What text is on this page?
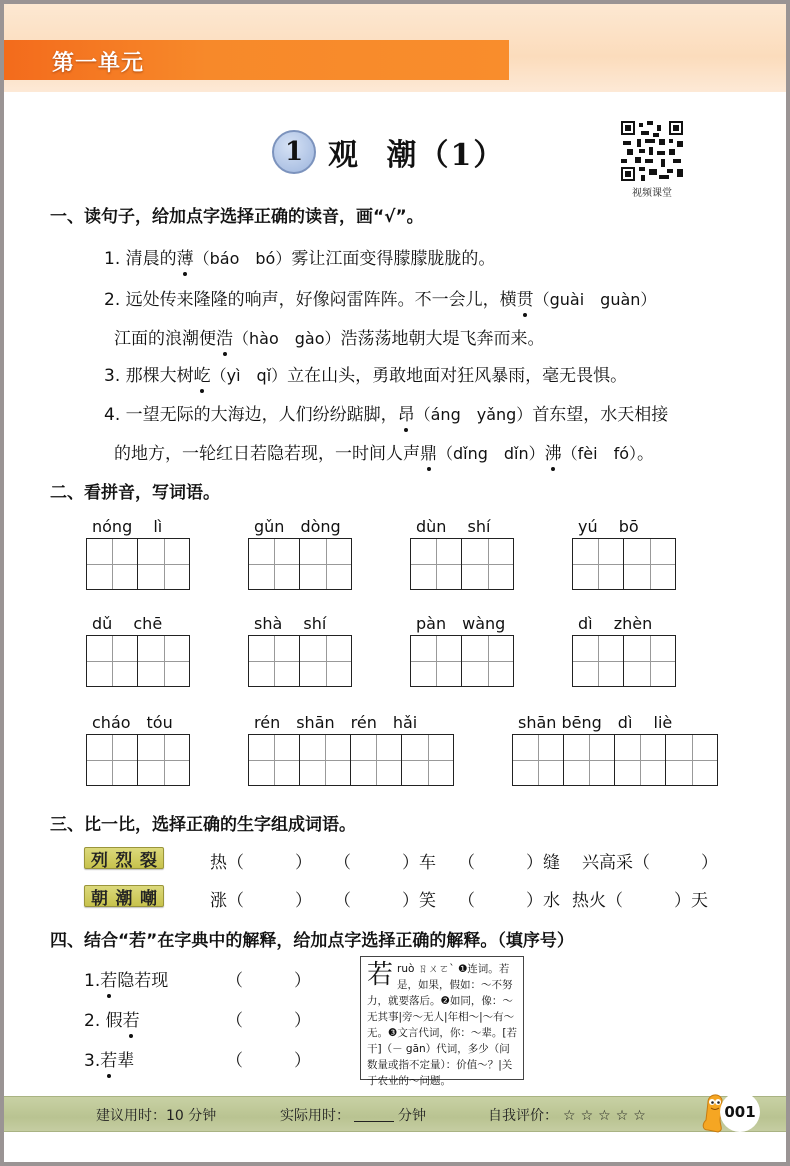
第一单元
1 观 潮（1）
视频课堂
一、读句子，给加点字选择正确的读音，画“√”。
1. 清晨的薄（báo　bó）雾让江面变得朦朦胧胧的。
2. 远处传来隆隆的响声，好像闷雷阵阵。不一会儿，横贯（guài　guàn）
江面的浪潮便浩（hào　gào）浩荡荡地朝大堤飞奔而来。
3. 那棵大树屹（yì　qǐ）立在山头，勇敢地面对狂风暴雨，毫无畏惧。
4. 一望无际的大海边，人们纷纷踮脚，昂（áng　yǎng）首东望，水天相接
的地方，一轮红日若隐若现，一时间人声鼎（dǐng　dǐn）沸（fèi　fó）。
二、看拼音，写词语。
nóng　 lì	gǔn　dòng	dùn　 shí	yú　 bō
dǔ　 chē	shà　 shí	pàn　wàng	dì　 zhèn
cháo　tóu	rén　shān　rén　hǎi	shān bēng　dì　 liè
三、比一比，选择正确的生字组成词语。
列 烈 裂	热（　　　） （　　　）车 （　　　）缝 兴高采（　　　）
朝 潮 嘲	涨（　　　） （　　　）笑 （　　　）水 热火（　　　）天
四、结合“若”在字典中的解释，给加点字选择正确的解释。（填序号）
1.若隐若现	（　　　）
2. 假若	（　　　）
3.若辈	（　　　）
若 ruò ㄖㄨㄛˋ ❶连词。若是，如果，假如：～不努力，就要落后。❷如同，像：～无其事|旁～无人|年相～|～有～无。❸文言代词，你：～辈。[若干]（－ gān）代词，多少（问数量或指不定量）：价值～？|关于农业的～问题。
建议用时：10 分钟	实际用时：	分钟	自我评价： ☆ ☆ ☆ ☆ ☆	001
